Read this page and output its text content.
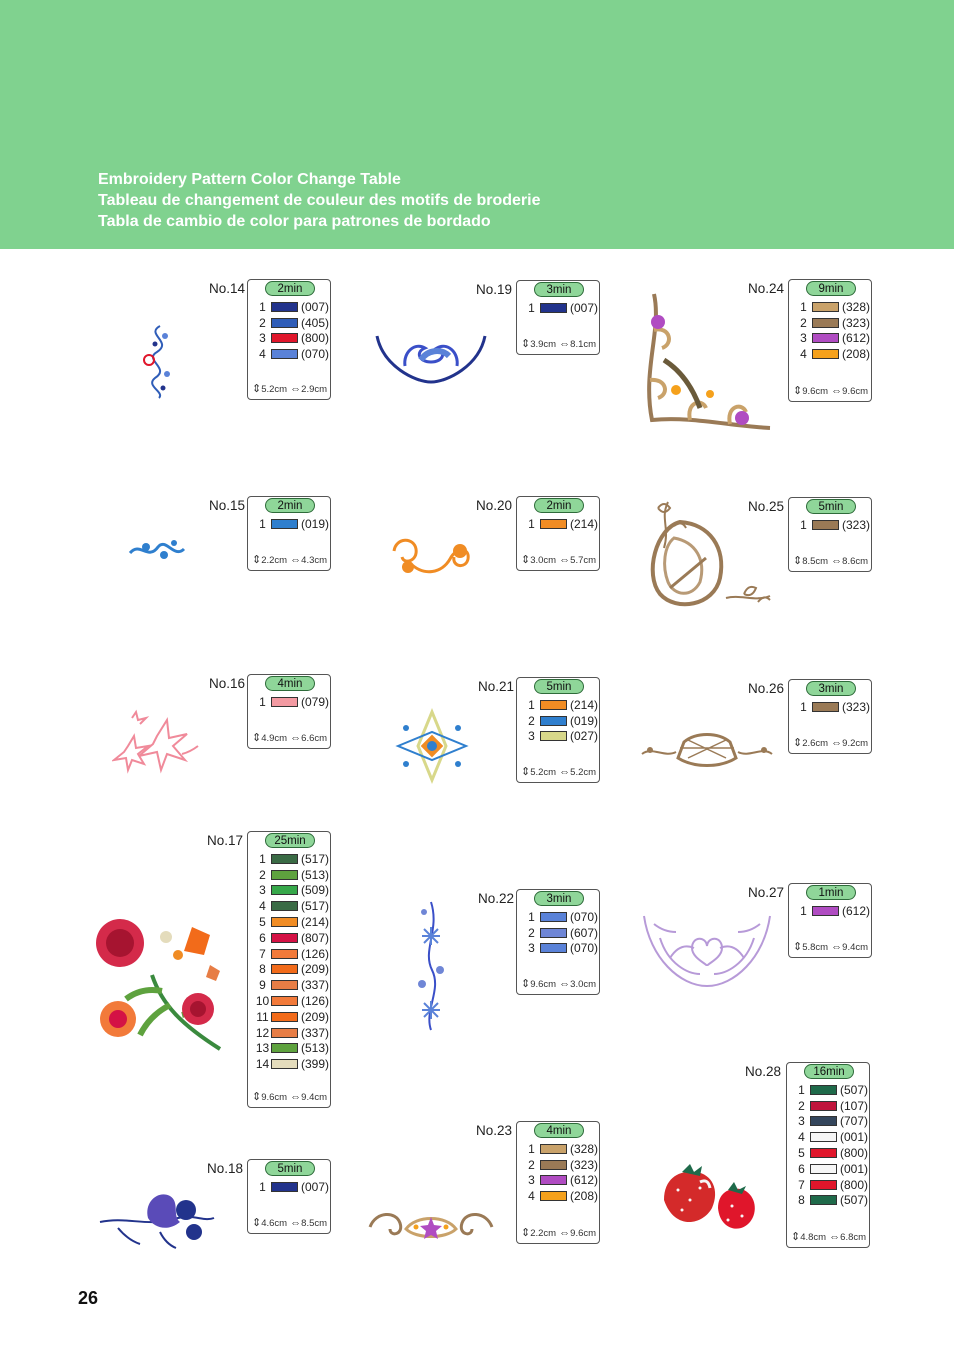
Embroidery Pattern Color Change Table
Tableau de changement de couleur des motifs de broderie
Tabla de cambio de color para patrones de bordado
No.14	2min
1	(007)
2	(405)
3	(800)
4	(070)
⇕5.2cm ⇔2.9cm
No.15	2min
1	(019)
⇕2.2cm ⇔4.3cm
No.16	4min
1	(079)
⇕4.9cm ⇔6.6cm
No.17	25min
1	(517)
2	(513)
3	(509)
4	(517)
5	(214)
6	(807)
7	(126)
8	(209)
9	(337)
10	(126)
11	(209)
12	(337)
13	(513)
14	(399)
⇕9.6cm ⇔9.4cm
No.18	5min
1	(007)
⇕4.6cm ⇔8.5cm
No.19	3min
1	(007)
⇕3.9cm ⇔8.1cm
No.20	2min
1	(214)
⇕3.0cm ⇔5.7cm
No.21	5min
1	(214)
2	(019)
3	(027)
⇕5.2cm ⇔5.2cm
No.22	3min
1	(070)
2	(607)
3	(070)
⇕9.6cm ⇔3.0cm
No.23	4min
1	(328)
2	(323)
3	(612)
4	(208)
⇕2.2cm ⇔9.6cm
No.24	9min
1	(328)
2	(323)
3	(612)
4	(208)
⇕9.6cm ⇔9.6cm
No.25	5min
1	(323)
⇕8.5cm ⇔8.6cm
No.26	3min
1	(323)
⇕2.6cm ⇔9.2cm
No.27	1min
1	(612)
⇕5.8cm ⇔9.4cm
No.28	16min
1	(507)
2	(107)
3	(707)
4	(001)
5	(800)
6	(001)
7	(800)
8	(507)
⇕4.8cm ⇔6.8cm
26
